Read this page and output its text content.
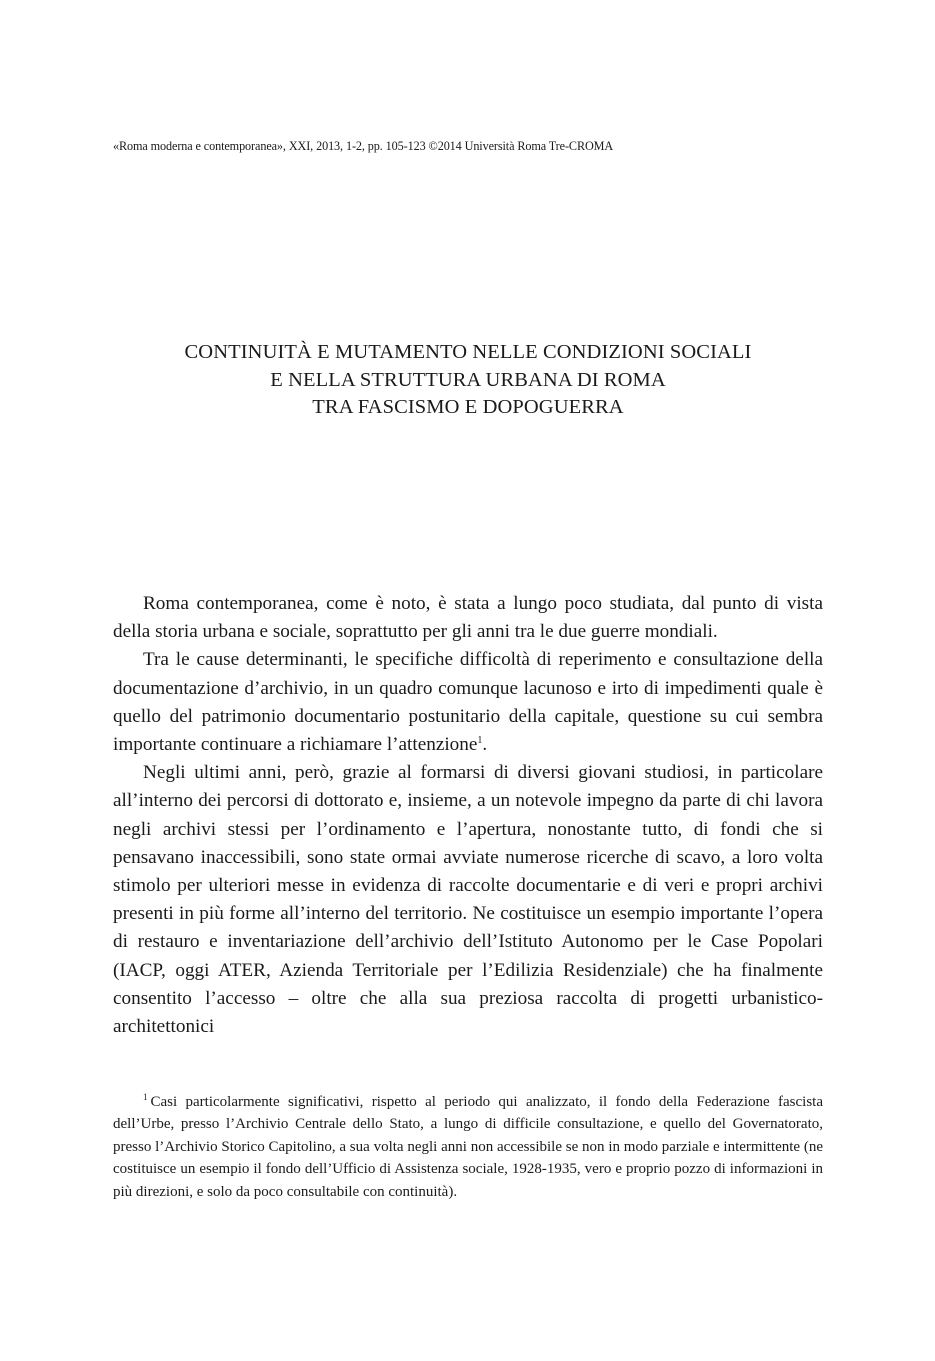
«Roma moderna e contemporanea», XXI, 2013, 1-2, pp. 105-123 ©2014 Università Roma Tre-CROMA
CONTINUITÀ E MUTAMENTO NELLE CONDIZIONI SOCIALI
E NELLA STRUTTURA URBANA DI ROMA
TRA FASCISMO E DOPOGUERRA

Roma contemporanea, come è noto, è stata a lungo poco studiata, dal punto di vista della storia urbana e sociale, soprattutto per gli anni tra le due guerre mondiali.

Tra le cause determinanti, le specifiche difficoltà di reperimento e consultazione della documentazione d’archivio, in un quadro comunque lacunoso e irto di impedimenti quale è quello del patrimonio documentario postunitario della capitale, questione su cui sembra importante continuare a richiamare l’attenzione$^1$.

Negli ultimi anni, però, grazie al formarsi di diversi giovani studiosi, in particolare all’interno dei percorsi di dottorato e, insieme, a un notevole impegno da parte di chi lavora negli archivi stessi per l’ordinamento e l’apertura, nonostante tutto, di fondi che si pensavano inaccessibili, sono state ormai avviate numerose ricerche di scavo, a loro volta stimolo per ulteriori messe in evidenza di raccolte documentarie e di veri e propri archivi presenti in più forme all’interno del territorio. Ne costituisce un esempio importante l’opera di restauro e inventariazione dell’archivio dell’Istituto Autonomo per le Case Popolari (IACP, oggi ATER, Azienda Territoriale per l’Edilizia Residenziale) che ha finalmente consentito l’accesso – oltre che alla sua preziosa raccolta di progetti urbanistico-architettonici

$^1$ Casi particolarmente significativi, rispetto al periodo qui analizzato, il fondo della Federazione fascista dell’Urbe, presso l’Archivio Centrale dello Stato, a lungo di difficile consultazione, e quello del Governatorato, presso l’Archivio Storico Capitolino, a sua volta negli anni non accessibile se non in modo parziale e intermittente (ne costituisce un esempio il fondo dell’Ufficio di Assistenza sociale, 1928-1935, vero e proprio pozzo di informazioni in più direzioni, e solo da poco consultabile con continuità).
